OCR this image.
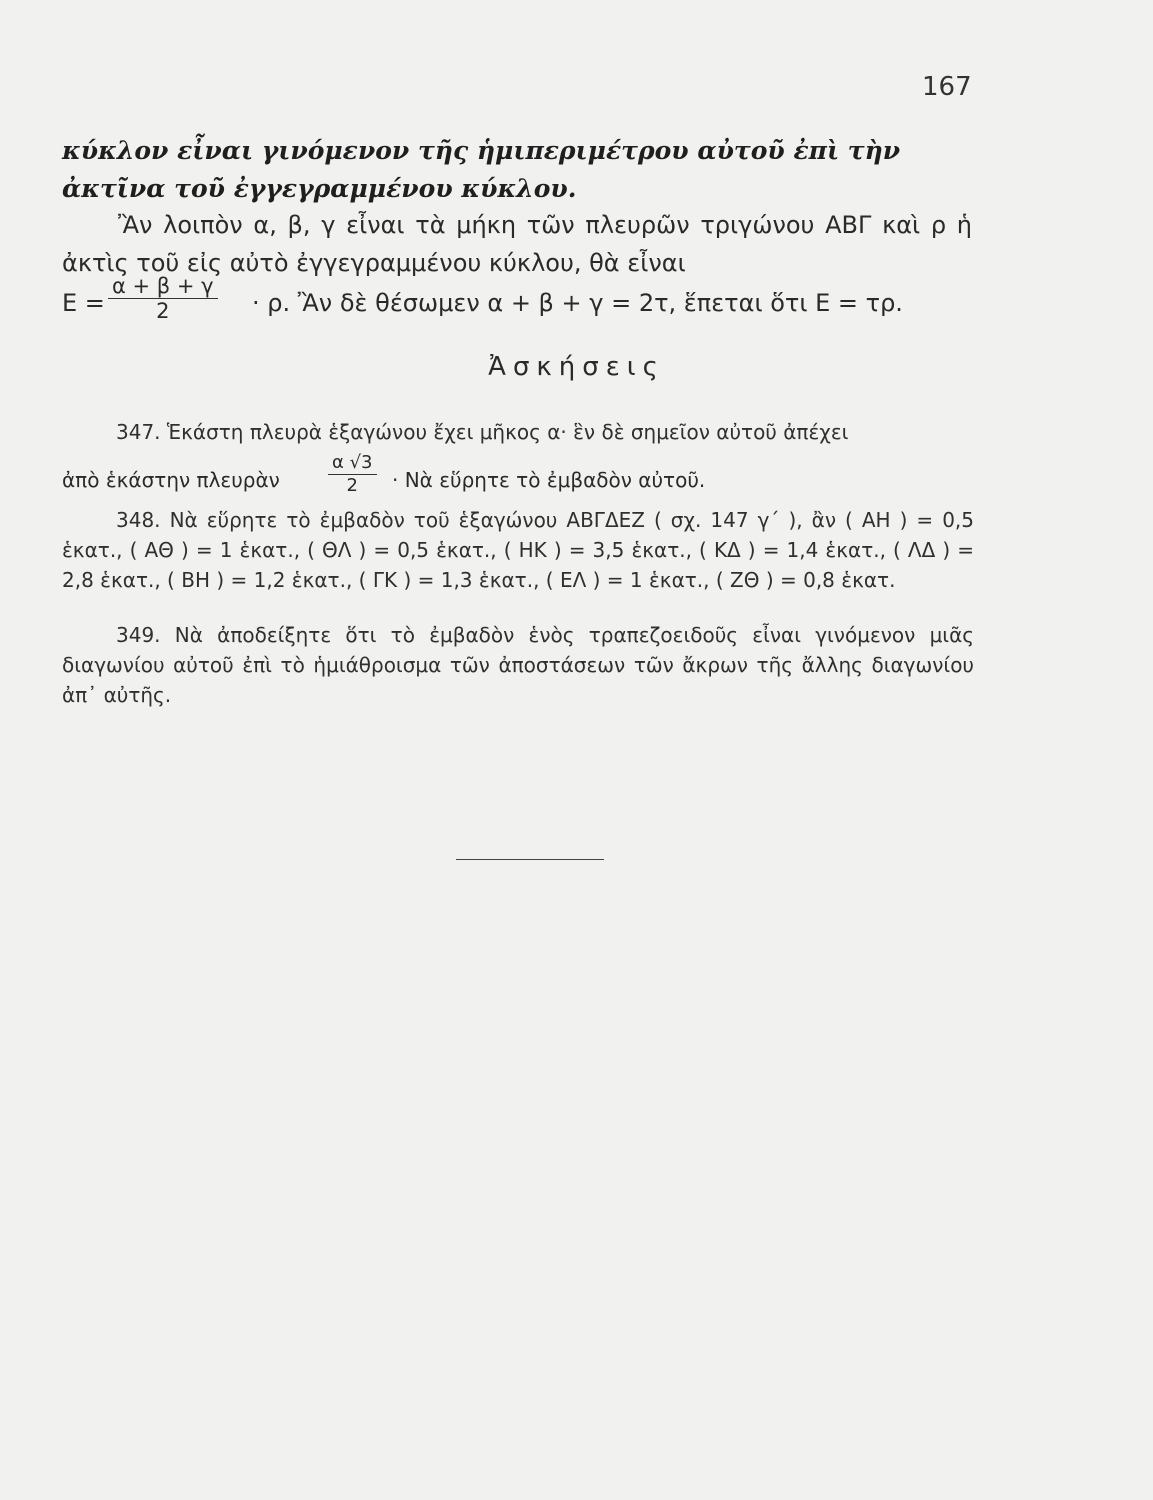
167
κύκλον εἶναι γινόμενον τῆς ἡμιπεριμέτρου αὐτοῦ ἐπὶ τὴν ἀκτῖνα τοῦ ἐγγεγραμμένου κύκλου.
Ἂν λοιπὸν α, β, γ εἶναι τὰ μήκη τῶν πλευρῶν τριγώνου ΑΒΓ καὶ ρ ἡ ἀκτὶς τοῦ εἰς αὐτὸ ἐγγεγραμμένου κύκλου, θὰ εἶναι
$E = \frac{\alpha + \beta + \gamma}{2} \cdot \rho$. Ἂν δὲ θέσωμεν α + β + γ = 2τ, ἕπεται ὅτι Ε = τρ.
Ἀσκήσεις
347. Ἑκάστη πλευρὰ ἑξαγώνου ἔχει μῆκος α· ἓν δὲ σημεῖον αὐτοῦ ἀπέχει
ἀπὸ ἑκάστην πλευρὰν	$\frac{\alpha √3}{2}$ · Νὰ εὕρητε τὸ ἐμβαδὸν αὐτοῦ.
348. Νὰ εὕρητε τὸ ἐμβαδὸν τοῦ ἑξαγώνου ΑΒΓΔΕΖ ( σχ. 147 γ΄ ), ἂν ( ΑΗ ) = 0,5 ἑκατ., ( ΑΘ ) = 1 ἑκατ., ( ΘΛ ) = 0,5 ἑκατ., ( ΗΚ ) = 3,5 ἑκατ., ( ΚΔ ) = 1,4 ἑκατ., ( ΛΔ ) = 2,8 ἑκατ., ( ΒΗ ) = 1,2 ἑκατ., ( ΓΚ ) = 1,3 ἑκατ., ( ΕΛ ) = 1 ἑκατ., ( ΖΘ ) = 0,8 ἑκατ.
349. Νὰ ἀποδείξητε ὅτι τὸ ἐμβαδὸν ἑνὸς τραπεζοειδοῦς εἶναι γινόμενον μιᾶς διαγωνίου αὐτοῦ ἐπὶ τὸ ἡμιάθροισμα τῶν ἀποστάσεων τῶν ἄκρων τῆς ἄλλης διαγωνίου ἀπ᾽ αὐτῆς.
